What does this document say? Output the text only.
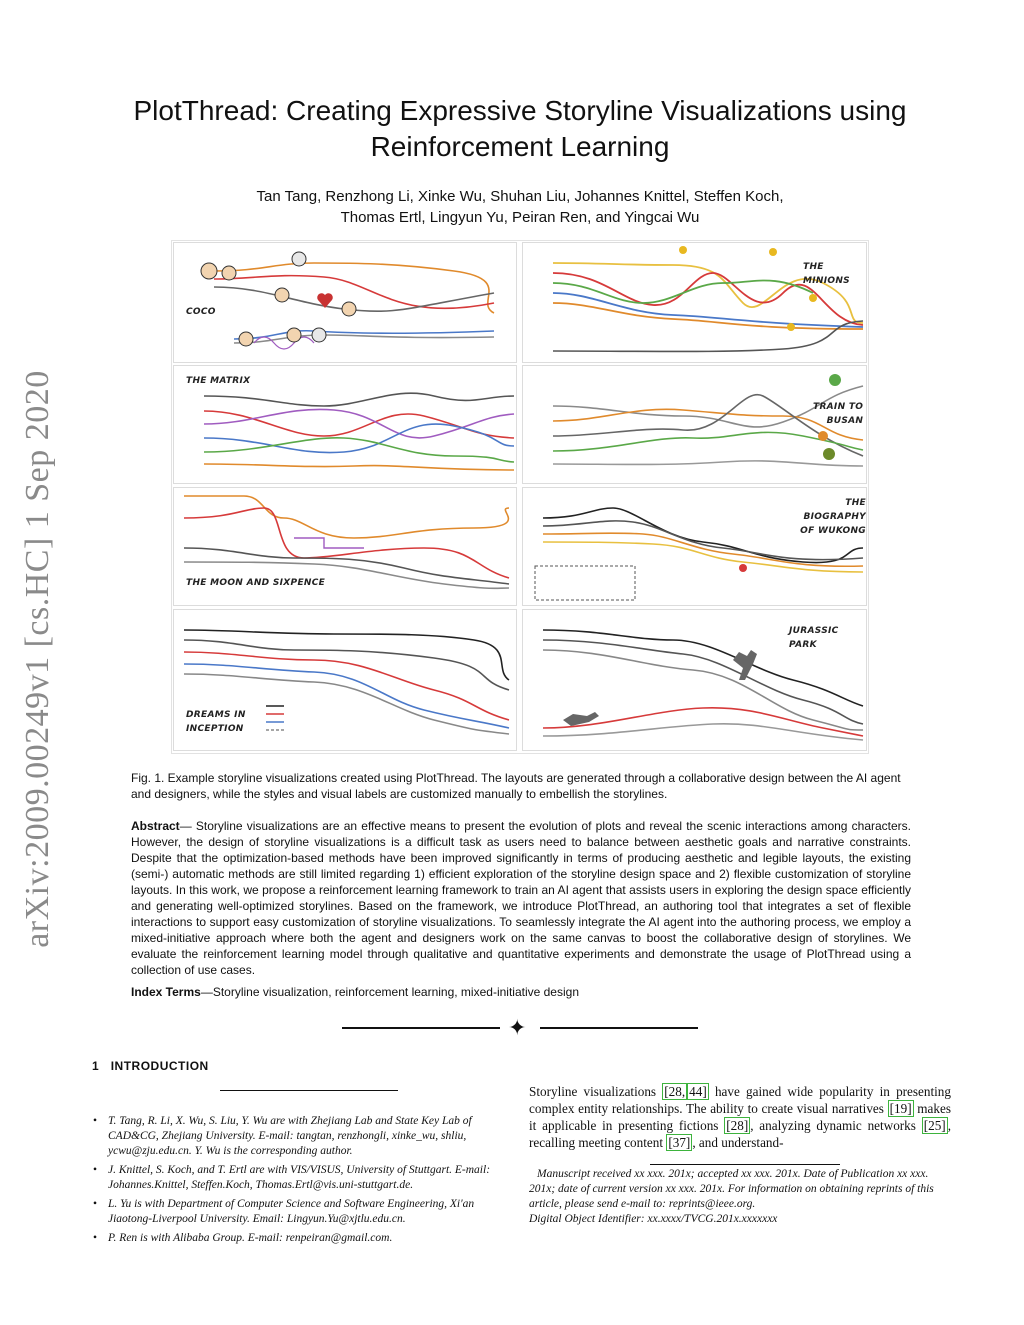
arXiv:2009.00249v1 [cs.HC] 1 Sep 2020
PlotThread: Creating Expressive Storyline Visualizations using Reinforcement Learning
Tan Tang, Renzhong Li, Xinke Wu, Shuhan Liu, Johannes Knittel, Steffen Koch,
Thomas Ertl, Lingyun Yu, Peiran Ren, and Yingcai Wu
COCO
THE MINIONS
THE MATRIX
TRAIN TO
BUSAN
THE MOON AND SIXPENCE
THE BIOGRAPHY
OF WUKONG
DREAMS IN
INCEPTION
JURASSIC PARK
Fig. 1. Example storyline visualizations created using PlotThread. The layouts are generated through a collaborative design between the AI agent and designers, while the styles and visual labels are customized manually to embellish the storylines.
Abstract— Storyline visualizations are an effective means to present the evolution of plots and reveal the scenic interactions among characters. However, the design of storyline visualizations is a difficult task as users need to balance between aesthetic goals and narrative constraints. Despite that the optimization-based methods have been improved significantly in terms of producing aesthetic and legible layouts, the existing (semi-) automatic methods are still limited regarding 1) efficient exploration of the storyline design space and 2) flexible customization of storyline layouts. In this work, we propose a reinforcement learning framework to train an AI agent that assists users in exploring the design space efficiently and generating well-optimized storylines. Based on the framework, we introduce PlotThread, an authoring tool that integrates a set of flexible interactions to support easy customization of storyline visualizations. To seamlessly integrate the AI agent into the authoring process, we employ a mixed-initiative approach where both the agent and designers work on the same canvas to boost the collaborative design of storylines. We evaluate the reinforcement learning model through qualitative and quantitative experiments and demonstrate the usage of PlotThread using a collection of use cases.
Index Terms—Storyline visualization, reinforcement learning, mixed-initiative design
✦
1 INTRODUCTION
• T. Tang, R. Li, X. Wu, S. Liu, Y. Wu are with Zhejiang Lab and State Key Lab of CAD&CG, Zhejiang University. E-mail: tangtan, renzhongli, xinke_wu, shliu, ycwu@zju.edu.cn. Y. Wu is the corresponding author.
• J. Knittel, S. Koch, and T. Ertl are with VIS/VISUS, University of Stuttgart. E-mail: Johannes.Knittel, Steffen.Koch, Thomas.Ertl@vis.uni-stuttgart.de.
• L. Yu is with Department of Computer Science and Software Engineering, Xi'an Jiaotong-Liverpool University. Email: Lingyun.Yu@xjtlu.edu.cn.
• P. Ren is with Alibaba Group. E-mail: renpeiran@gmail.com.
Storyline visualizations [28, 44] have gained wide popularity in presenting complex entity relationships. The ability to create visual narratives [19] makes it applicable in presenting fictions [28] , analyzing dynamic networks [25] , recalling meeting content [37] , and understand-

Manuscript received xx xxx. 201x; accepted xx xxx. 201x. Date of Publication xx xxx. 201x; date of current version xx xxx. 201x. For information on obtaining reprints of this article, please send e-mail to: reprints@ieee.org.

Digital Object Identifier: xx.xxxx/TVCG.201x.xxxxxxx
